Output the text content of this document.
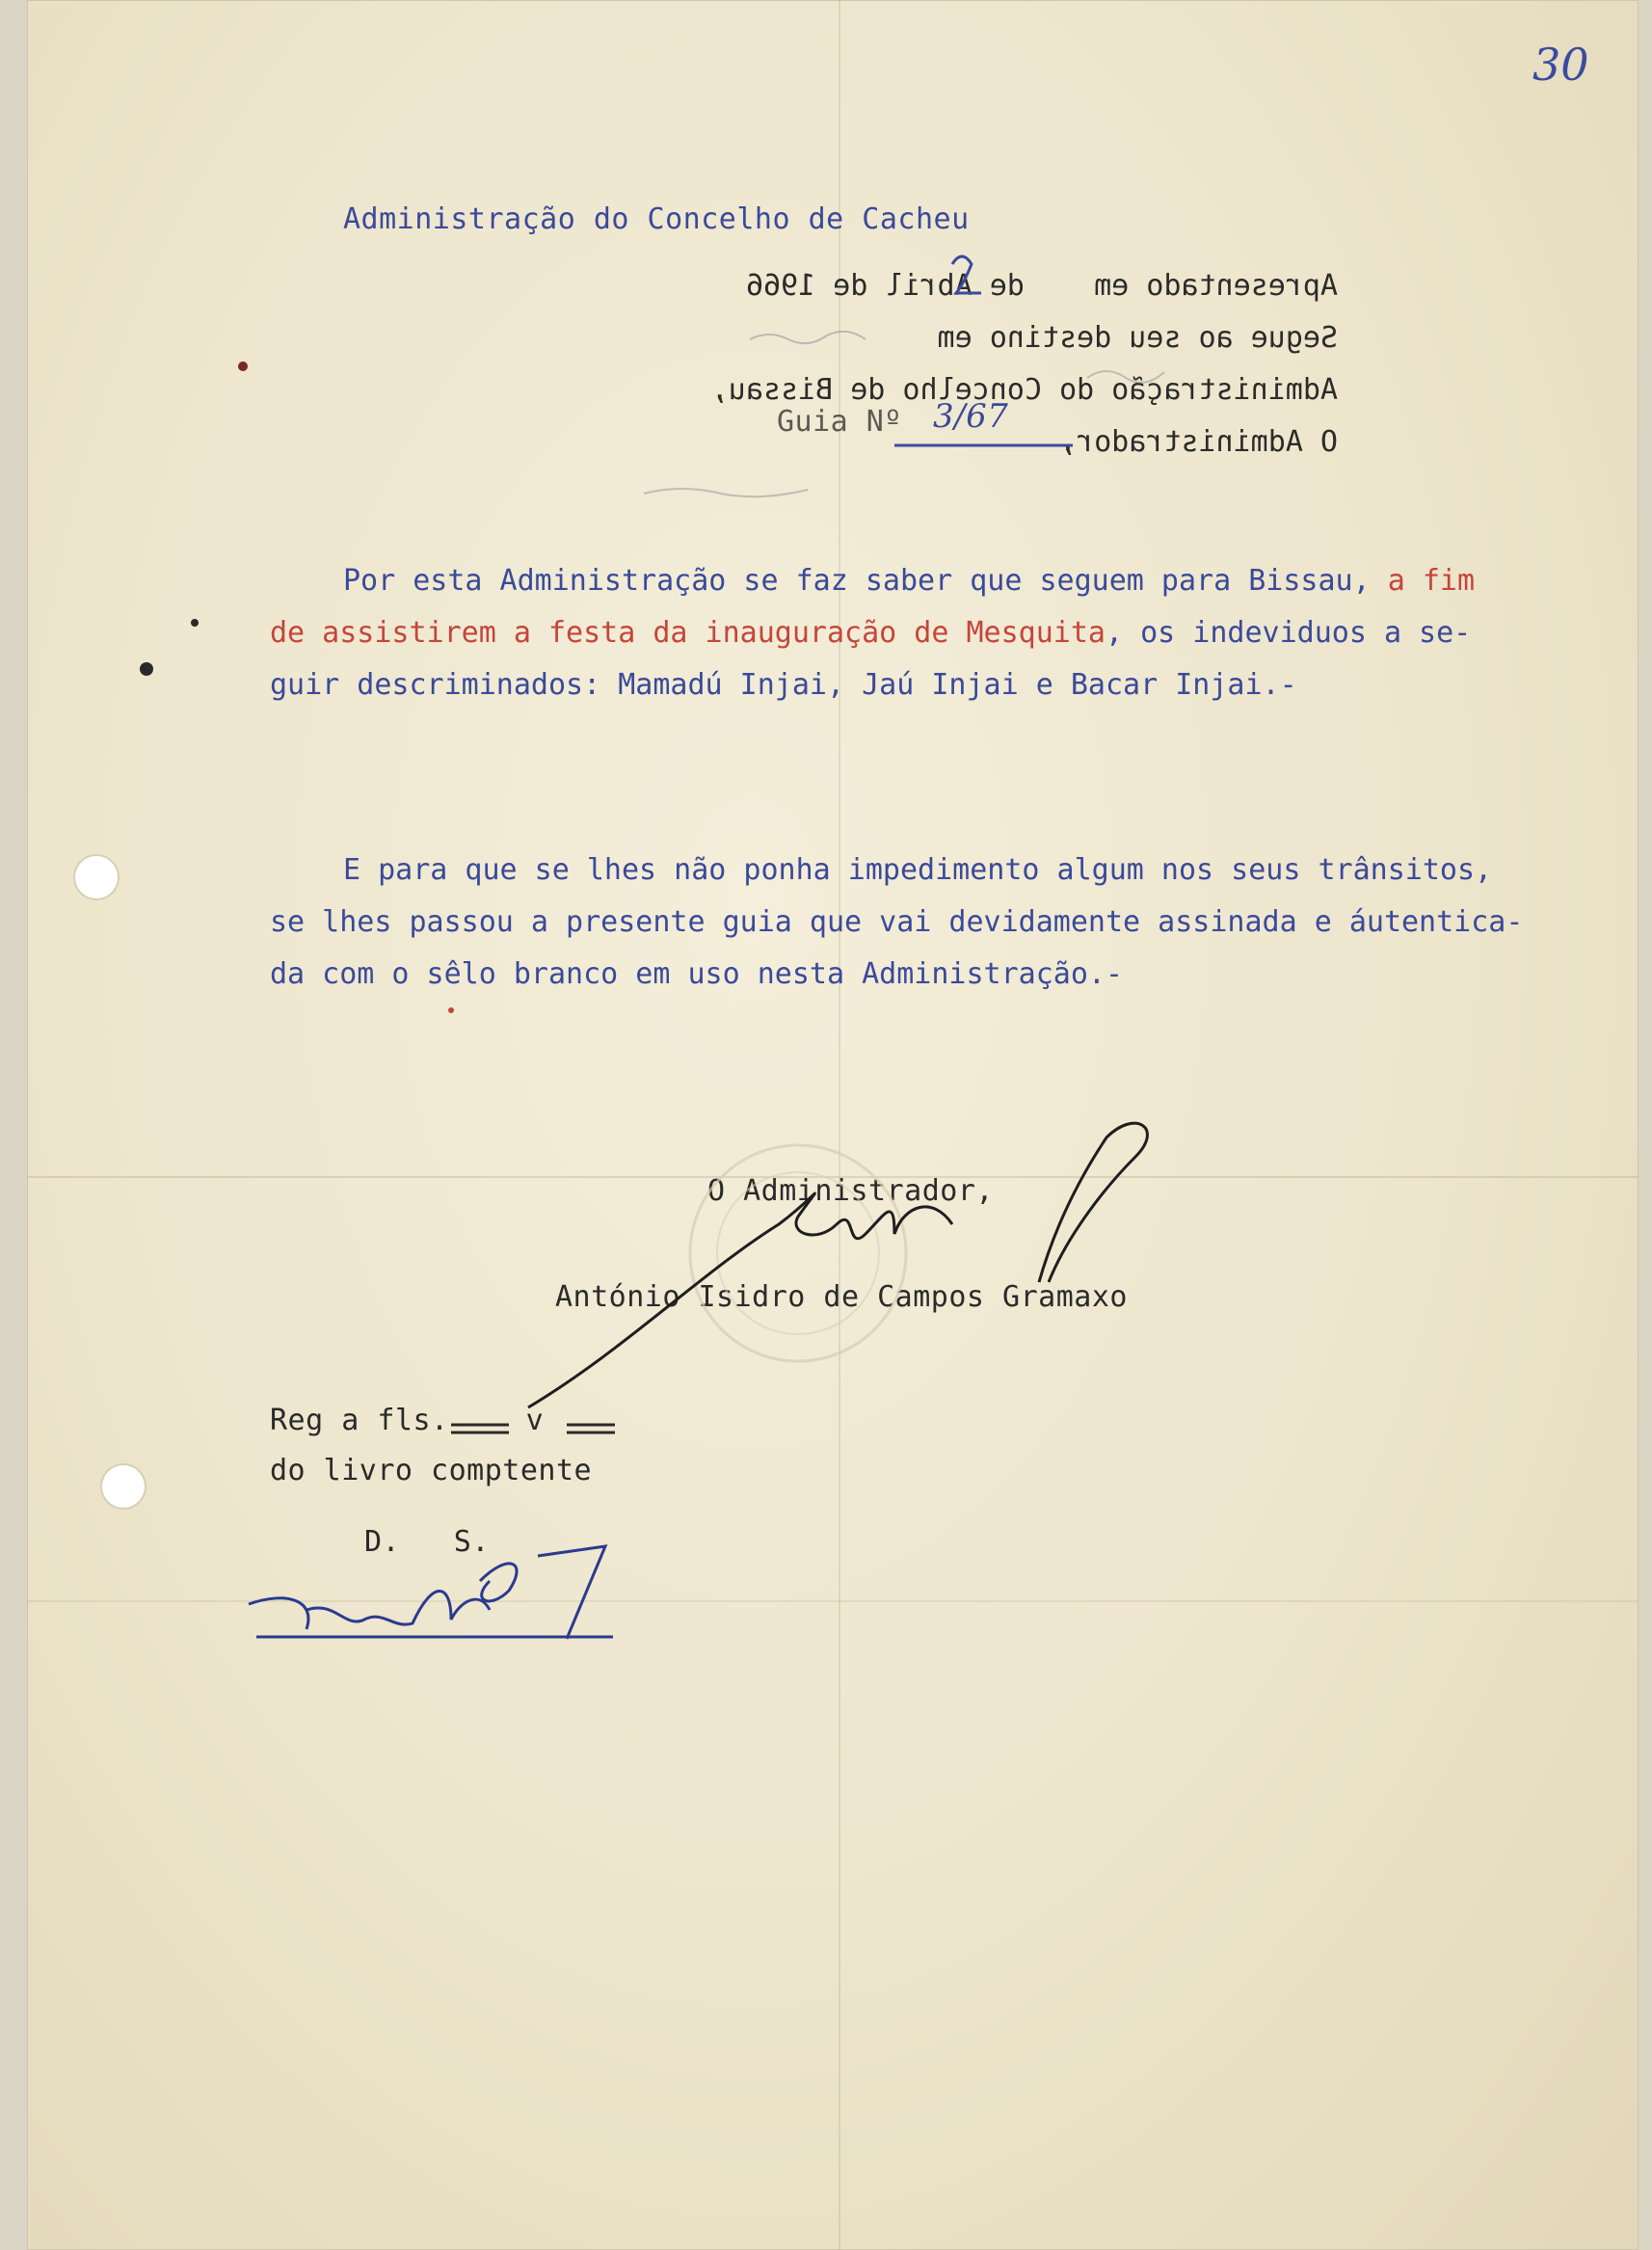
30
Administração do Concelho de Cacheu
Apresentado em    de Abril de 1966
Segue ao seu destino em
Administração do Concelho de Bissau,
O Administrador,
Guia Nº 3/67
Por esta Administração se faz saber que seguem para Bissau, a fim
de assistirem a festa da inauguração de Mesquita, os indeviduos a se-
guir descriminados: Mamadú Injai, Jaú Injai e Bacar Injai.-
E para que se lhes não ponha impedimento algum nos seus trânsitos,
se lhes passou a presente guia que vai devidamente assinada e áutentica-
da com o sêlo branco em uso nesta Administração.-
O Administrador,
António Isidro de Campos Gramaxo
Reg a fls.	v
do livro comptente
D.   S.
